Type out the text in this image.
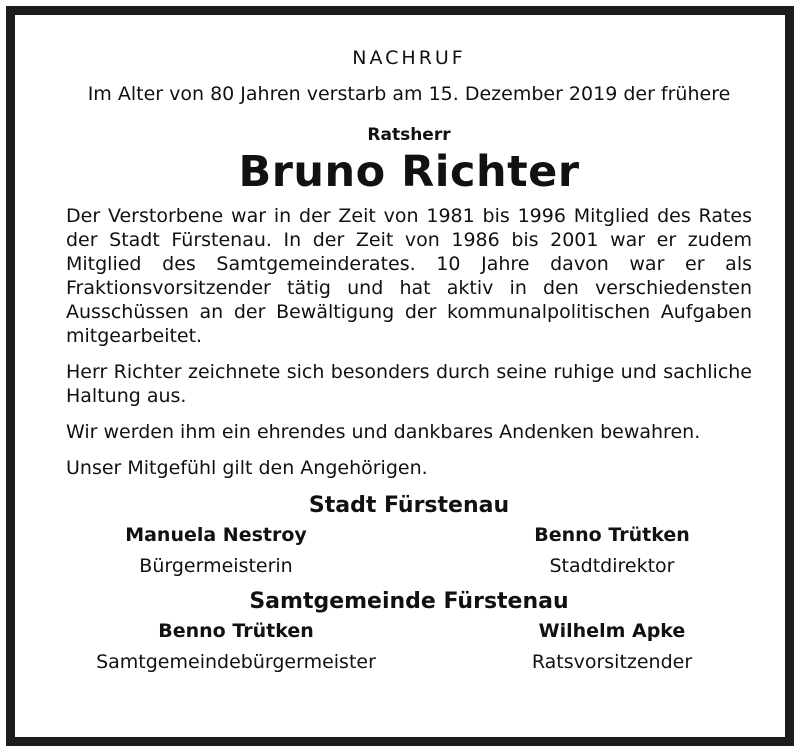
NACHRUF
Im Alter von 80 Jahren verstarb am 15. Dezember 2019 der frühere
Ratsherr
Bruno Richter

Der Verstorbene war in der Zeit von 1981 bis 1996 Mitglied des Rates der Stadt Fürstenau. In der Zeit von 1986 bis 2001 war er zudem Mitglied des Samtgemeinderates. 10 Jahre davon war er als Fraktionsvorsitzender tätig und hat aktiv in den verschiedensten Ausschüssen an der Bewältigung der kommunalpolitischen Aufgaben mitgearbeitet.

Herr Richter zeichnete sich besonders durch seine ruhige und sachliche Haltung aus.

Wir werden ihm ein ehrendes und dankbares Andenken bewahren.

Unser Mitgefühl gilt den Angehörigen.

Stadt Fürstenau
Manuela Nestroy
Bürgermeisterin
Benno Trütken
Stadtdirektor
Samtgemeinde Fürstenau
Benno Trütken
Samtgemeindebürgermeister
Wilhelm Apke
Ratsvorsitzender
